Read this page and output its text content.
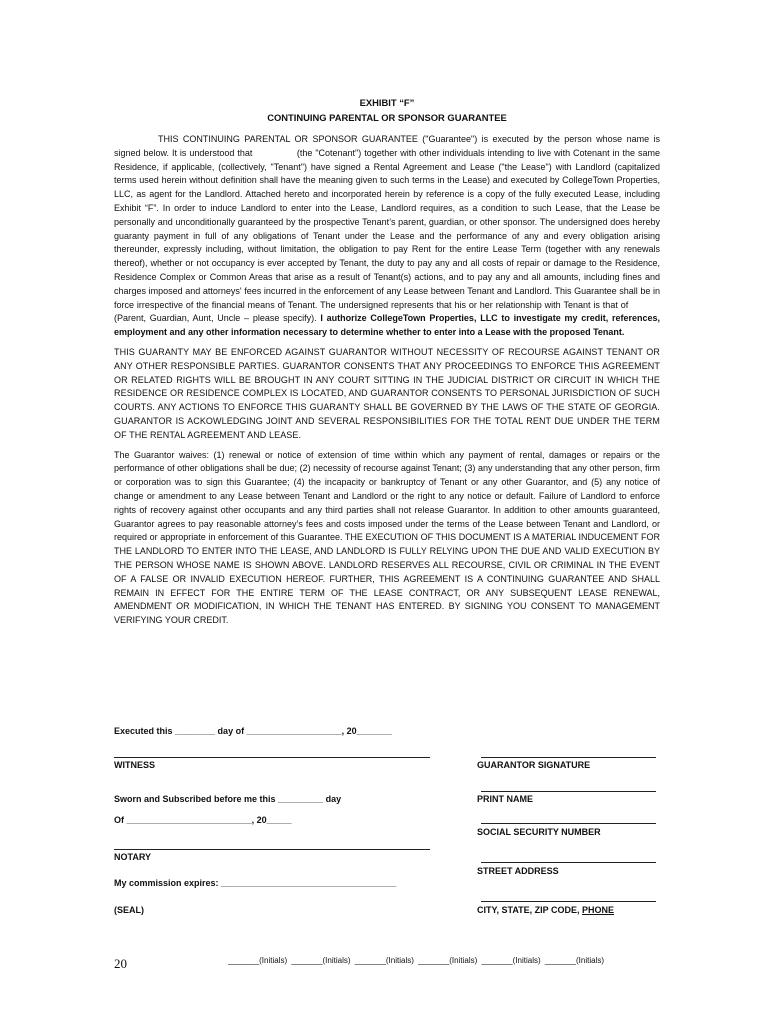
EXHIBIT “F”
CONTINUING PARENTAL OR SPONSOR GUARANTEE

THIS CONTINUING PARENTAL OR SPONSOR GUARANTEE ("Guarantee") is executed by the person whose name is signed below. It is understood that               (the "Cotenant") together with other individuals intending to live with Cotenant in the same Residence, if applicable, (collectively, "Tenant") have signed a Rental Agreement and Lease ("the Lease") with Landlord (capitalized terms used herein without definition shall have the meaning given to such terms in the Lease) and executed by CollegeTown Properties, LLC, as agent for the Landlord. Attached hereto and incorporated herein by reference is a copy of the fully executed Lease, including Exhibit “F”. In order to induce Landlord to enter into the Lease, Landlord requires, as a condition to such Lease, that the Lease be personally and unconditionally guaranteed by the prospective Tenant’s parent, guardian, or other sponsor. The undersigned does hereby guaranty payment in full of any obligations of Tenant under the Lease and the performance of any and every obligation arising thereunder, expressly including, without limitation, the obligation to pay Rent for the entire Lease Term (together with any renewals thereof), whether or not occupancy is ever accepted by Tenant, the duty to pay any and all costs of repair or damage to the Residence, Residence Complex or Common Areas that arise as a result of Tenant(s) actions, and to pay any and all amounts, including fines and charges imposed and attorneys' fees incurred in the enforcement of any Lease between Tenant and Landlord. This Guarantee shall be in force irrespective of the financial means of Tenant. The undersigned represents that his or her relationship with Tenant is that of            (Parent, Guardian, Aunt, Uncle – please specify). I authorize CollegeTown Properties, LLC to investigate my credit, references, employment and any other information necessary to determine whether to enter into a Lease with the proposed Tenant.

THIS GUARANTY MAY BE ENFORCED AGAINST GUARANTOR WITHOUT NECESSITY OF RECOURSE AGAINST TENANT OR ANY OTHER RESPONSIBLE PARTIES. GUARANTOR CONSENTS THAT ANY PROCEEDINGS TO ENFORCE THIS AGREEMENT OR RELATED RIGHTS WILL BE BROUGHT IN ANY COURT SITTING IN THE JUDICIAL DISTRICT OR CIRCUIT IN WHICH THE RESIDENCE OR RESIDENCE COMPLEX IS LOCATED, AND GUARANTOR CONSENTS TO PERSONAL JURISDICTION OF SUCH COURTS. ANY ACTIONS TO ENFORCE THIS GUARANTY SHALL BE GOVERNED BY THE LAWS OF THE STATE OF GEORGIA. GUARANTOR IS ACKOWLEDGING JOINT AND SEVERAL RESPONSIBILITIES FOR THE TOTAL RENT DUE UNDER THE TERM OF THE RENTAL AGREEMENT AND LEASE.

The Guarantor waives: (1) renewal or notice of extension of time within which any payment of rental, damages or repairs or the performance of other obligations shall be due; (2) necessity of recourse against Tenant; (3) any understanding that any other person, firm or corporation was to sign this Guarantee; (4) the incapacity or bankruptcy of Tenant or any other Guarantor, and (5) any notice of change or amendment to any Lease between Tenant and Landlord or the right to any notice or default. Failure of Landlord to enforce rights of recovery against other occupants and any third parties shall not release Guarantor. In addition to other amounts guaranteed, Guarantor agrees to pay reasonable attorney’s fees and costs imposed under the terms of the Lease between Tenant and Landlord, or required or appropriate in enforcement of this Guarantee. THE EXECUTION OF THIS DOCUMENT IS A MATERIAL INDUCEMENT FOR THE LANDLORD TO ENTER INTO THE LEASE, AND LANDLORD IS FULLY RELYING UPON THE DUE AND VALID EXECUTION BY THE PERSON WHOSE NAME IS SHOWN ABOVE. LANDLORD RESERVES ALL RECOURSE, CIVIL OR CRIMINAL IN THE EVENT OF A FALSE OR INVALID EXECUTION HEREOF. FURTHER, THIS AGREEMENT IS A CONTINUING GUARANTEE AND SHALL REMAIN IN EFFECT FOR THE ENTIRE TERM OF THE LEASE CONTRACT, OR ANY SUBSEQUENT LEASE RENEWAL, AMENDMENT OR MODIFICATION, IN WHICH THE TENANT HAS ENTERED. BY SIGNING YOU CONSENT TO MANAGEMENT VERIFYING YOUR CREDIT.

Executed this ________ day of ___________________, 20_______
WITNESS
Sworn and Subscribed before me this _________ day
Of _________________________, 20_____
NOTARY
My commission expires: ___________________________________
(SEAL)
GUARANTOR SIGNATURE
PRINT NAME
SOCIAL SECURITY NUMBER
STREET ADDRESS
CITY, STATE, ZIP CODE, PHONE
20	_______(Initials) _______(Initials) _______(Initials) _______(Initials) _______(Initials) _______(Initials)
